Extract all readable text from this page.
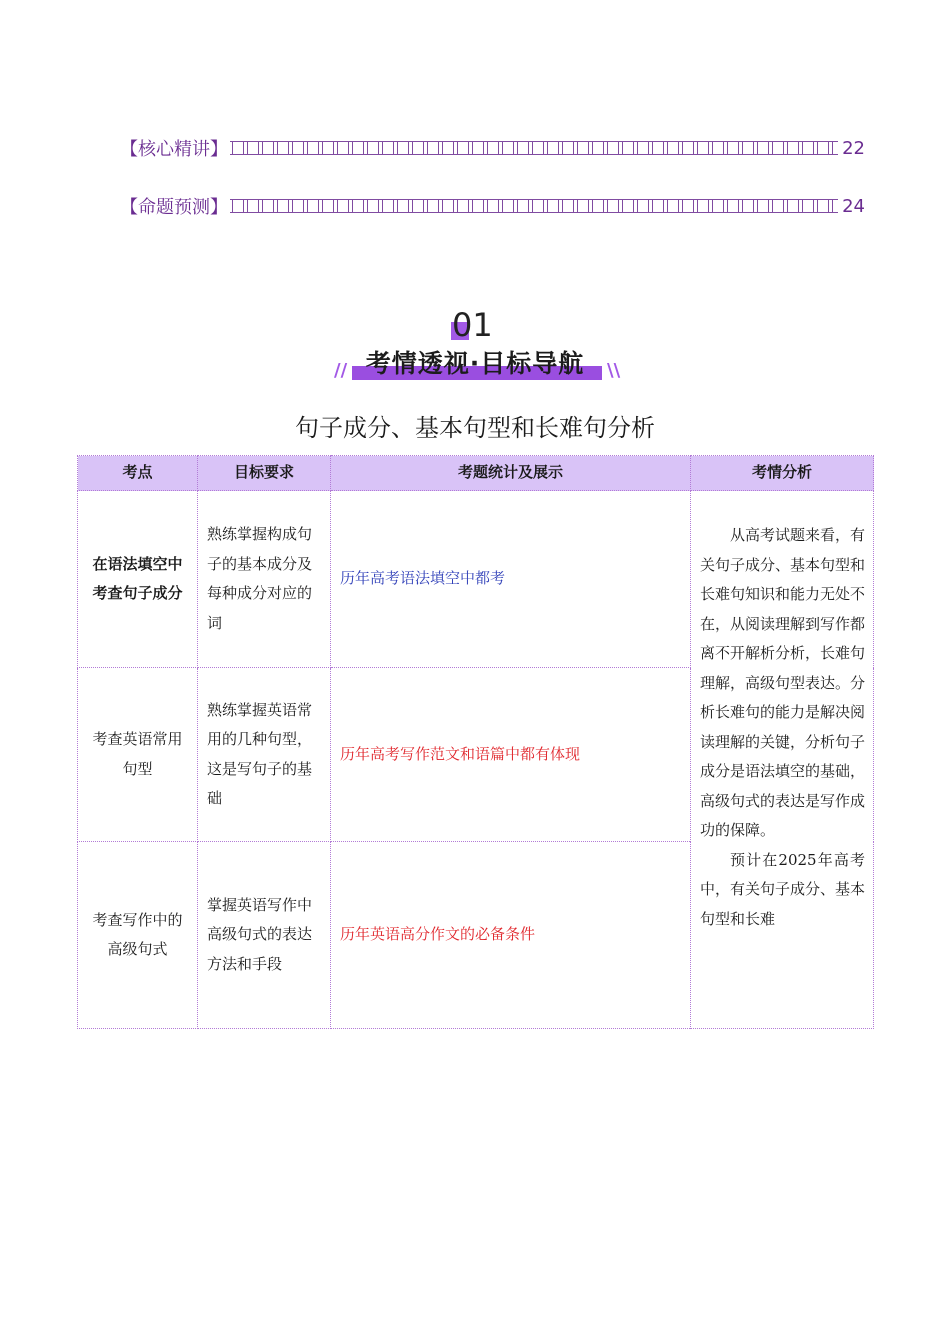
【核心精讲】	22
【命题预测】	24
01
// 考情透视·目标导航	\\
句子成分、基本句型和长难句分析
考点	目标要求	考题统计及展示	考情分析
在语法填空中考查句子成分	熟练掌握构成句子的基本成分及每种成分对应的词	历年高考语法填空中都考	从高考试题来看，有关句子成分、基本句型和长难句知识和能力无处不在，从阅读理解到写作都离不开解析分析，长难句理解，高级句型表达。分析长难句的能力是解决阅读理解的关键，分析句子成分是语法填空的基础，高级句式的表达是写作成功的保障。

预计在2025年高考中，有关句子成分、基本句型和长难

考查英语常用句型	熟练掌握英语常用的几种句型，这是写句子的基础	历年高考写作范文和语篇中都有体现	
考查写作中的高级句式	掌握英语写作中高级句式的表达方法和手段	历年英语高分作文的必备条件	
